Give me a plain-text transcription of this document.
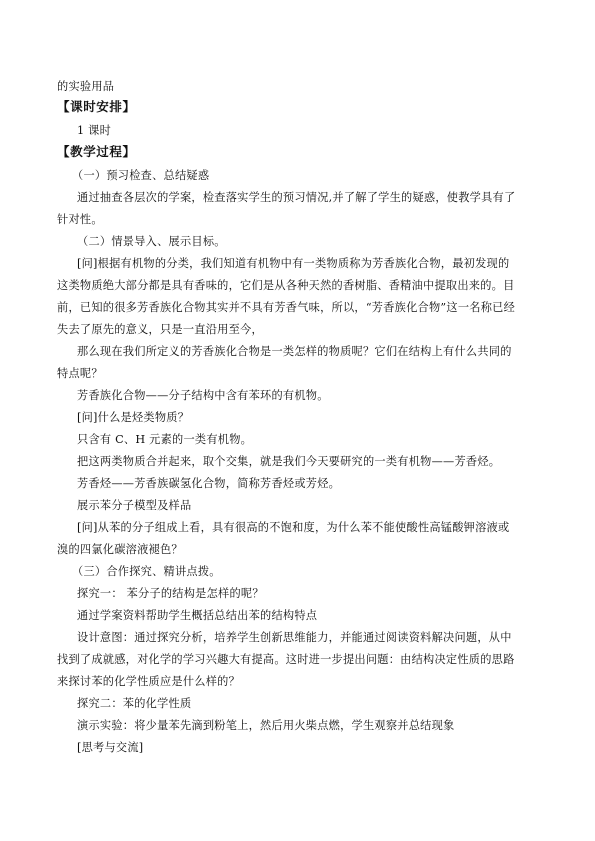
的实验用品
【课时安排】
1 课时
【教学过程】
（一）预习检查、总结疑惑
通过抽查各层次的学案，检查落实学生的预习情况,并了解了学生的疑惑，使教学具有了
针对性。
（二）情景导入、展示目标。
[问]根据有机物的分类，我们知道有机物中有一类物质称为芳香族化合物，最初发现的
这类物质绝大部分都是具有香味的，它们是从各种天然的香树脂、香精油中提取出来的。目
前，已知的很多芳香族化合物其实并不具有芳香气味，所以，“芳香族化合物”这一名称已经
失去了原先的意义，只是一直沿用至今，
那么现在我们所定义的芳香族化合物是一类怎样的物质呢？它们在结构上有什么共同的
特点呢？
芳香族化合物——分子结构中含有苯环的有机物。
[问]什么是烃类物质？
只含有 C、H 元素的一类有机物。
把这两类物质合并起来，取个交集，就是我们今天要研究的一类有机物——芳香烃。
芳香烃——芳香族碳氢化合物，简称芳香烃或芳烃。
展示苯分子模型及样品
[问]从苯的分子组成上看，具有很高的不饱和度，为什么苯不能使酸性高锰酸钾溶液或
溴的四氯化碳溶液褪色？
（三）合作探究、精讲点拨。
探究一： 苯分子的结构是怎样的呢？
通过学案资料帮助学生概括总结出苯的结构特点
设计意图：通过探究分析，培养学生创新思维能力，并能通过阅读资料解决问题，从中
找到了成就感，对化学的学习兴趣大有提高。这时进一步提出问题：由结构决定性质的思路
来探讨苯的化学性质应是什么样的？
探究二：苯的化学性质
演示实验：将少量苯先滴到粉笔上，然后用火柴点燃，学生观察并总结现象
[思考与交流]
